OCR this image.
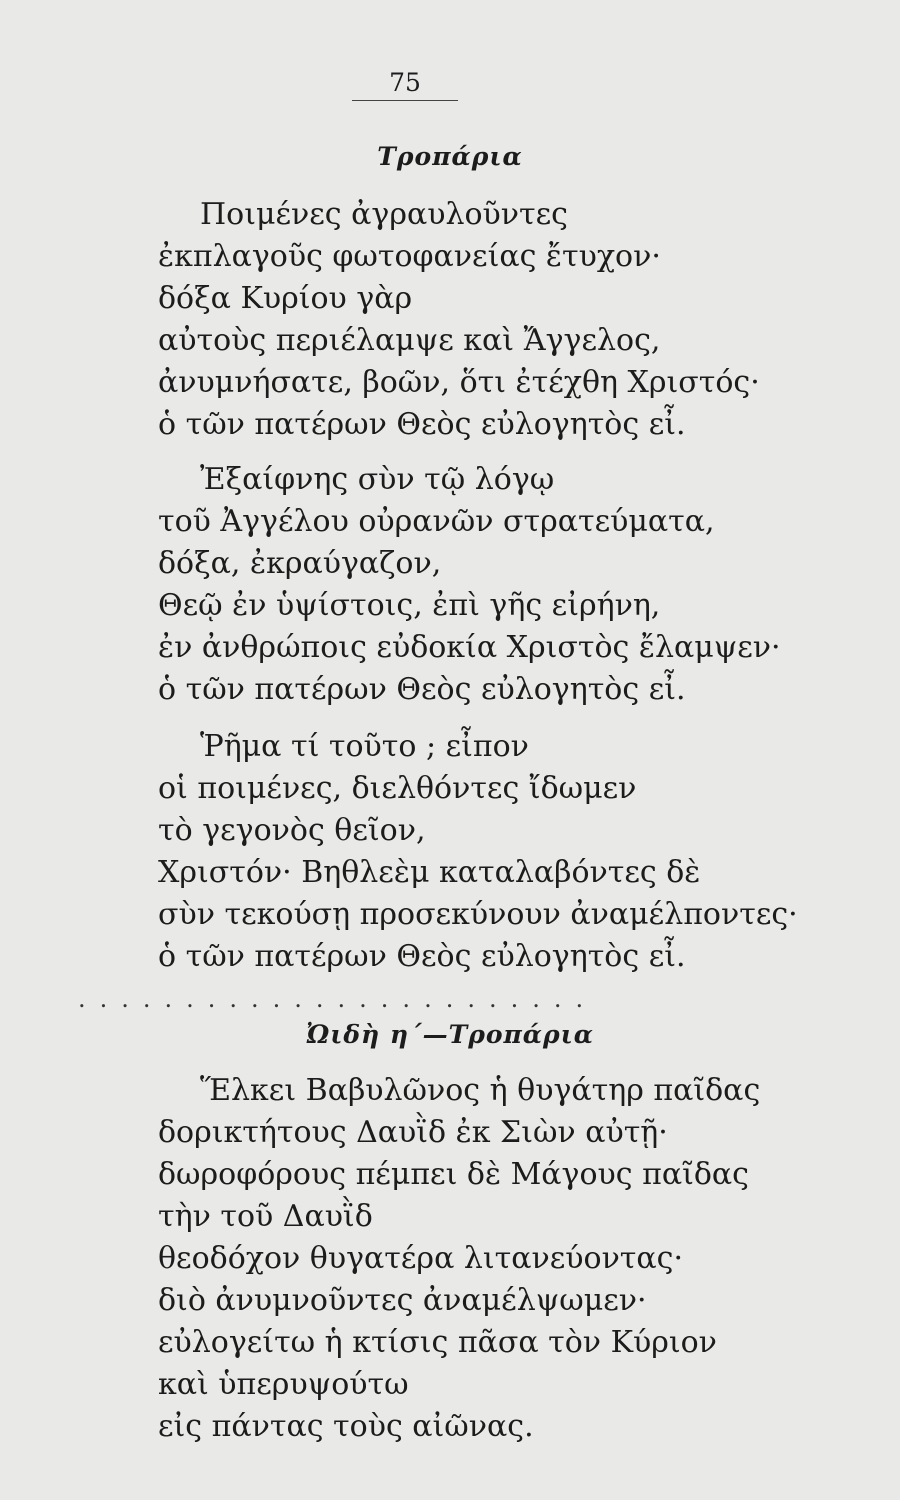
75
Τροπάρια
Ποιμένες ἀγραυλοῦντες
ἐκπλαγοῦς φωτοφανείας ἔτυχον·
δόξα Κυρίου γὰρ
αὐτοὺς περιέλαμψε καὶ Ἄγγελος,
ἀνυμνήσατε, βοῶν, ὅτι ἐτέχθη Χριστός·
ὁ τῶν πατέρων Θεὸς εὐλογητὸς εἶ.
Ἐξαίφνης σὺν τῷ λόγῳ
τοῦ Ἀγγέλου οὐρανῶν στρατεύματα,
δόξα, ἐκραύγαζον,
Θεῷ ἐν ὑψίστοις, ἐπὶ γῆς εἰρήνη,
ἐν ἀνθρώποις εὐδοκία Χριστὸς ἔλαμψεν·
ὁ τῶν πατέρων Θεὸς εὐλογητὸς εἶ.
Ῥῆμα τί τοῦτο ; εἶπον
οἱ ποιμένες, διελθόντες ἴδωμεν
τὸ γεγονὸς θεῖον,
Χριστόν· Βηθλεὲμ καταλαβόντες δὲ
σὺν τεκούσῃ προσεκύνουν ἀναμέλποντες·
ὁ τῶν πατέρων Θεὸς εὐλογητὸς εἶ.
........................
Ὠιδὴ η΄—Τροπάρια
Ἕλκει Βαβυλῶνος ἡ θυγάτηρ παῖδας
δορικτήτους Δαυῒδ ἐκ Σιὼν αὐτῇ·
δωροφόρους πέμπει δὲ Μάγους παῖδας
τὴν τοῦ Δαυῒδ
θεοδόχον θυγατέρα λιτανεύοντας·
διὸ ἀνυμνοῦντες ἀναμέλψωμεν·
εὐλογείτω ἡ κτίσις πᾶσα τὸν Κύριον
καὶ ὑπερυψούτω
εἰς πάντας τοὺς αἰῶνας.
